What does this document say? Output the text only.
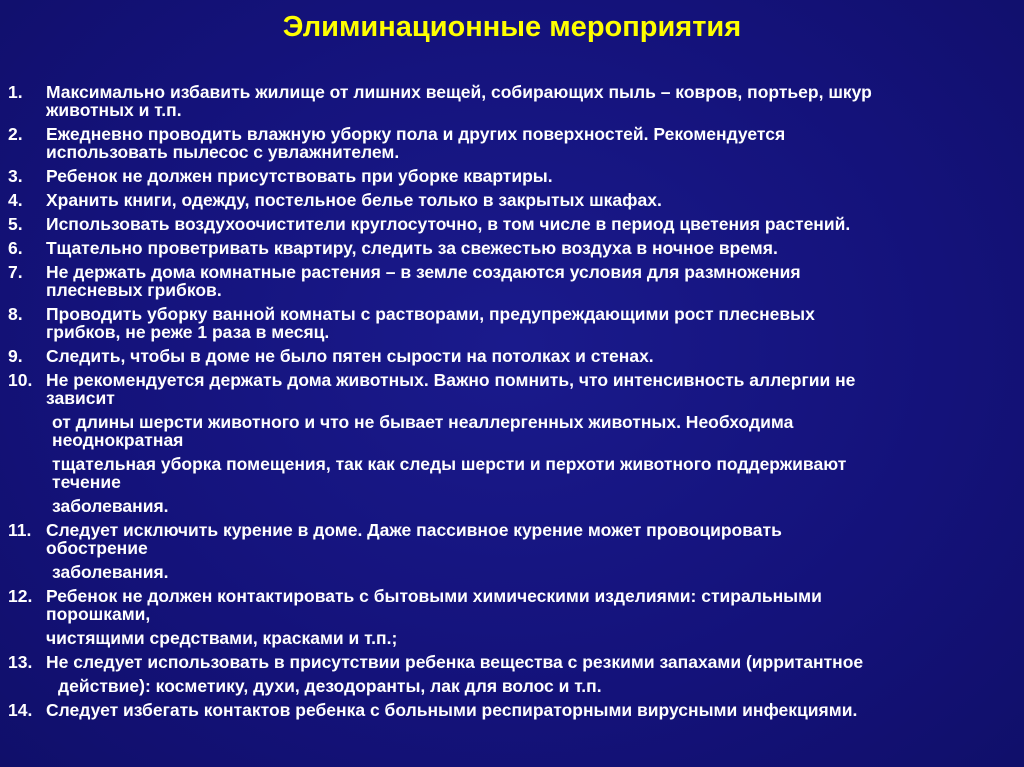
Элиминационные мероприятия
1.	Максимально избавить жилище от лишних вещей, собирающих пыль – ковров, портьер, шкур
животных и т.п.
2.	Ежедневно проводить влажную уборку пола и других поверхностей. Рекомендуется
использовать пылесос с увлажнителем.
3.	Ребенок не должен присутствовать при уборке квартиры.
4.	Хранить книги, одежду, постельное белье только в закрытых шкафах.
5.	Использовать воздухоочистители круглосуточно, в том числе в период цветения растений.
6.	Тщательно проветривать квартиру, следить за свежестью воздуха в ночное время.
7.	Не держать дома комнатные растения – в земле создаются условия для размножения
плесневых грибков.
8.	Проводить уборку ванной комнаты с растворами, предупреждающими рост плесневых
грибков, не реже 1 раза в месяц.
9.	Следить, чтобы в доме не было пятен сырости на потолках и стенах.
10. Не рекомендуется держать дома животных. Важно помнить, что интенсивность аллергии не
зависит
от длины шерсти животного и что не бывает неаллергенных животных. Необходима
неоднократная
тщательная уборка помещения, так как следы шерсти и перхоти животного поддерживают
течение
заболевания.
11. Следует исключить курение в доме. Даже пассивное курение может провоцировать
обострение
заболевания.
12. Ребенок не должен контактировать с бытовыми химическими изделиями: стиральными
порошками,
чистящими средствами, красками и т.п.;
13. Не следует использовать в присутствии ребенка вещества с резкими запахами (ирритантное
действие): косметику, духи, дезодоранты, лак для волос и т.п.
14. Следует избегать контактов ребенка с больными респираторными вирусными инфекциями.
